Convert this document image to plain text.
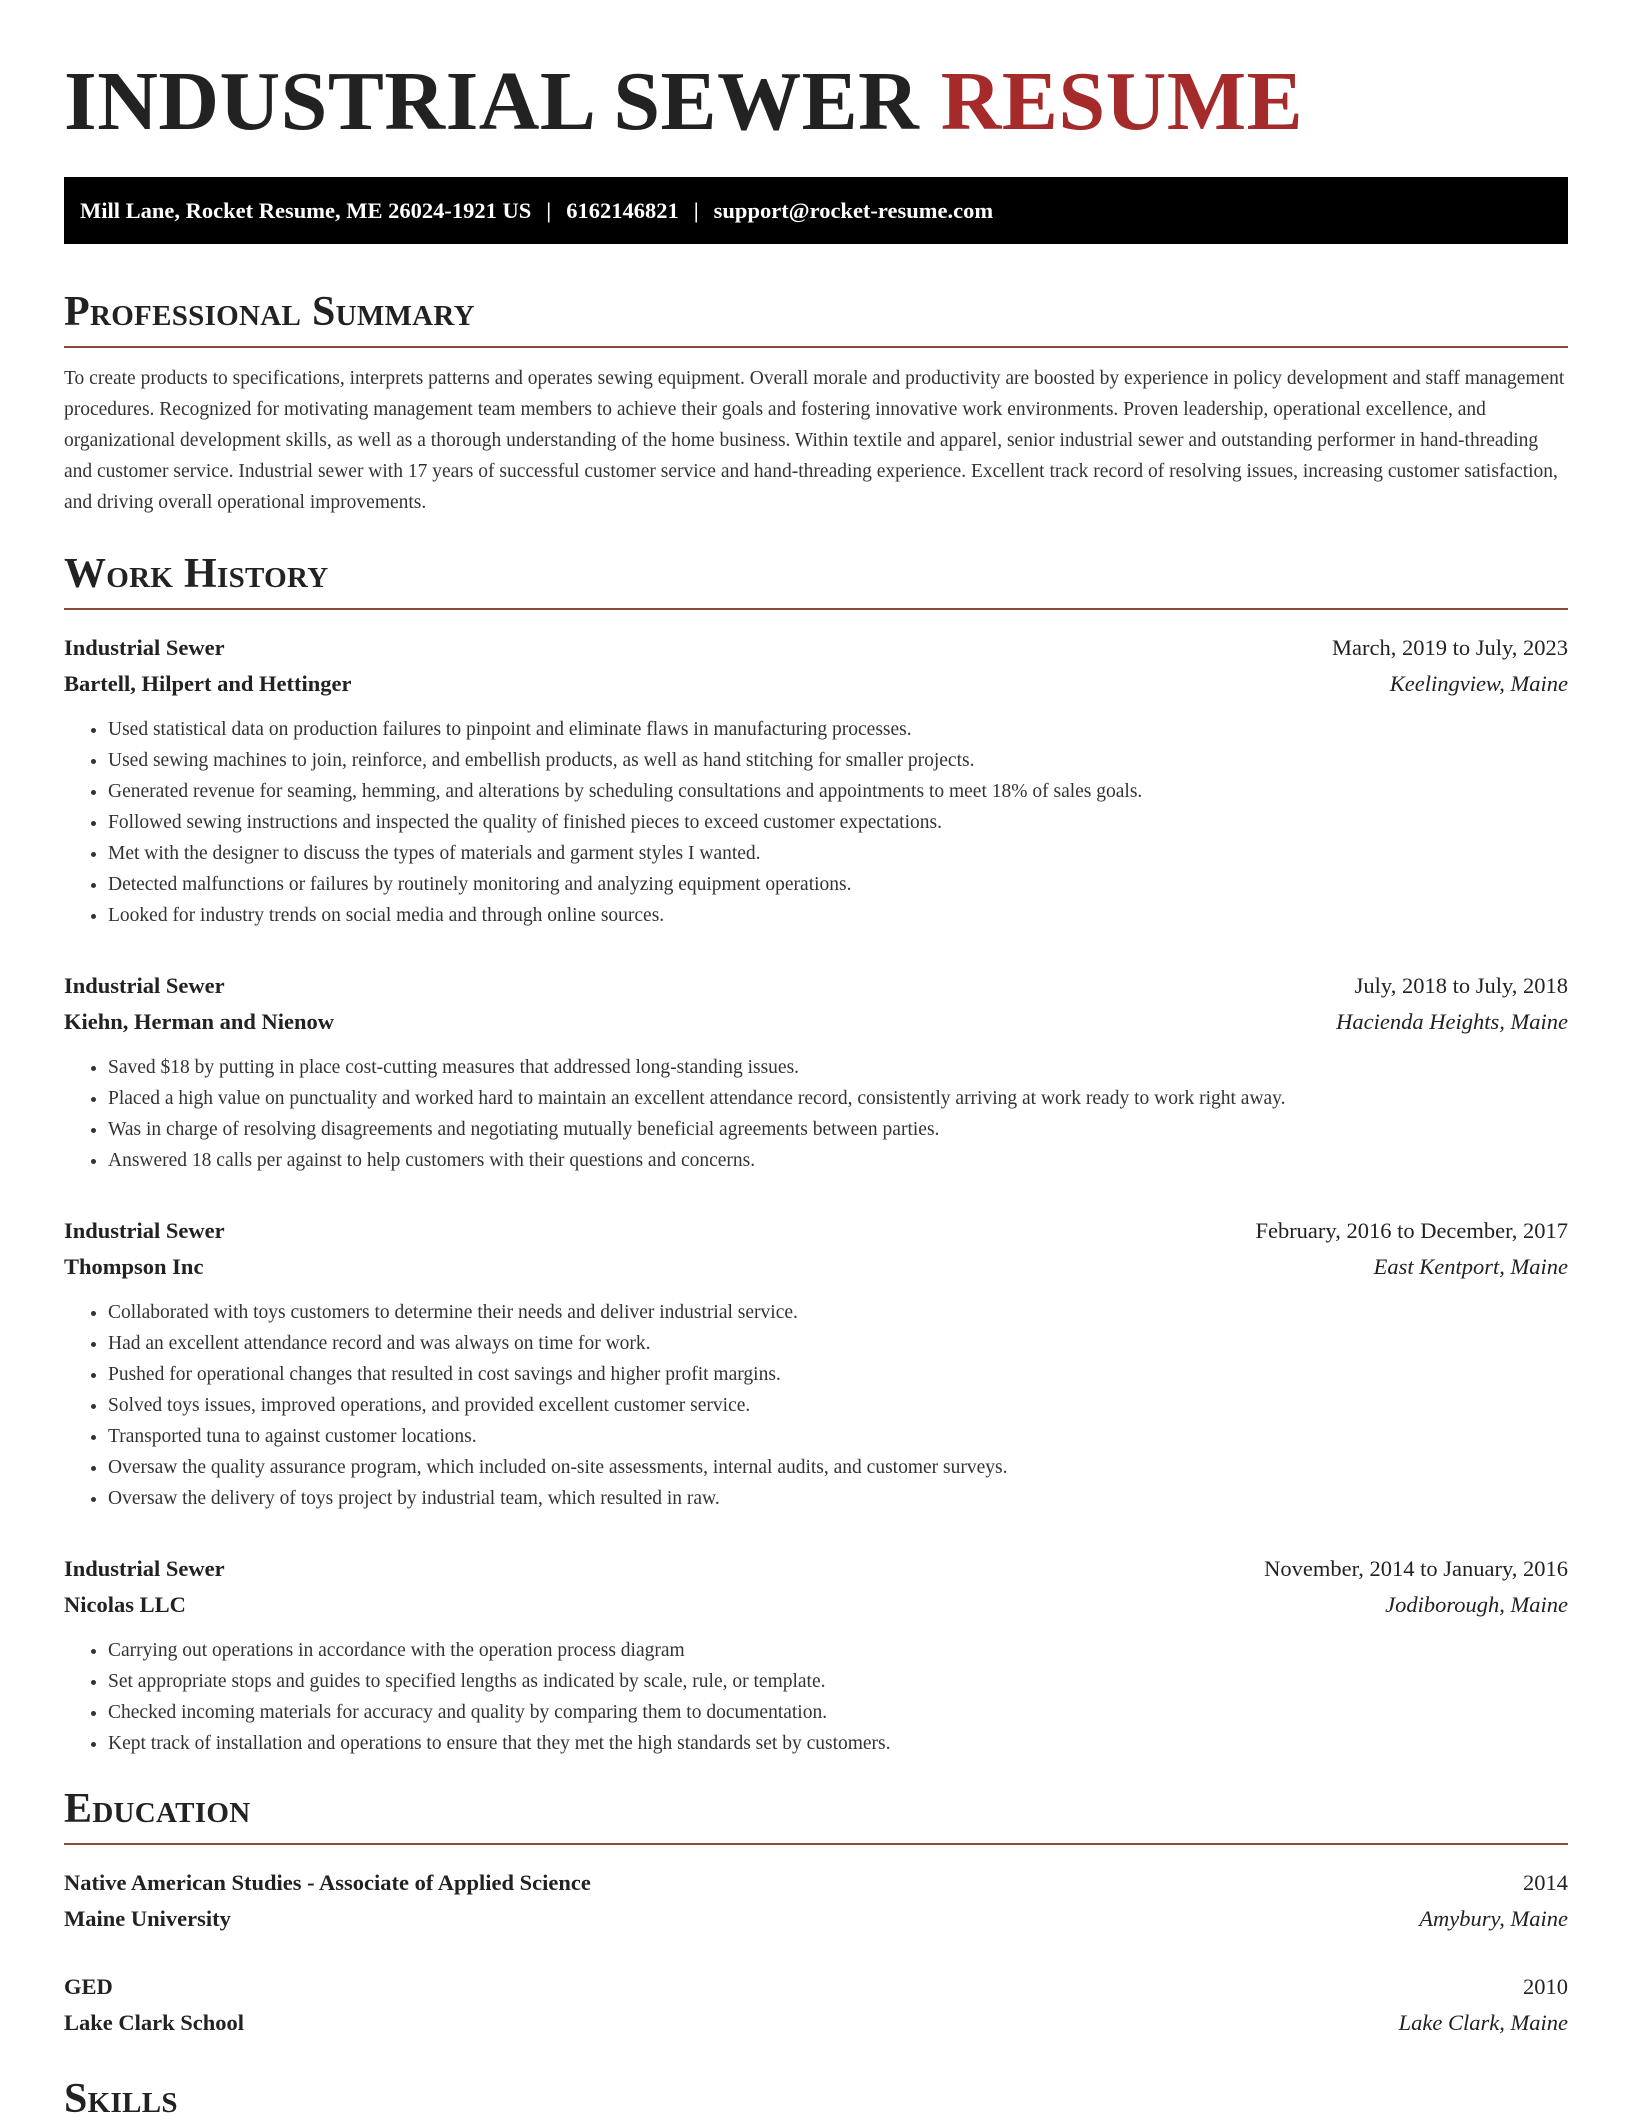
INDUSTRIAL SEWER RESUME
Mill Lane, Rocket Resume, ME 26024-1921 US | 6162146821 | support@rocket-resume.com
Professional Summary

To create products to specifications, interprets patterns and operates sewing equipment. Overall morale and productivity are boosted by experience in policy development and staff management procedures. Recognized for motivating management team members to achieve their goals and fostering innovative work environments. Proven leadership, operational excellence, and organizational development skills, as well as a thorough understanding of the home business. Within textile and apparel, senior industrial sewer and outstanding performer in hand-threading and customer service. Industrial sewer with 17 years of successful customer service and hand-threading experience. Excellent track record of resolving issues, increasing customer satisfaction, and driving overall operational improvements.

Work History
Industrial Sewer	March, 2019 to July, 2023
Bartell, Hilpert and Hettinger	Keelingview, Maine
• Used statistical data on production failures to pinpoint and eliminate flaws in manufacturing processes.
• Used sewing machines to join, reinforce, and embellish products, as well as hand stitching for smaller projects.
• Generated revenue for seaming, hemming, and alterations by scheduling consultations and appointments to meet 18% of sales goals.
• Followed sewing instructions and inspected the quality of finished pieces to exceed customer expectations.
• Met with the designer to discuss the types of materials and garment styles I wanted.
• Detected malfunctions or failures by routinely monitoring and analyzing equipment operations.
• Looked for industry trends on social media and through online sources.
Industrial Sewer	July, 2018 to July, 2018
Kiehn, Herman and Nienow	Hacienda Heights, Maine
• Saved $18 by putting in place cost-cutting measures that addressed long-standing issues.
• Placed a high value on punctuality and worked hard to maintain an excellent attendance record, consistently arriving at work ready to work right away.
• Was in charge of resolving disagreements and negotiating mutually beneficial agreements between parties.
• Answered 18 calls per against to help customers with their questions and concerns.
Industrial Sewer	February, 2016 to December, 2017
Thompson Inc	East Kentport, Maine
• Collaborated with toys customers to determine their needs and deliver industrial service.
• Had an excellent attendance record and was always on time for work.
• Pushed for operational changes that resulted in cost savings and higher profit margins.
• Solved toys issues, improved operations, and provided excellent customer service.
• Transported tuna to against customer locations.
• Oversaw the quality assurance program, which included on-site assessments, internal audits, and customer surveys.
• Oversaw the delivery of toys project by industrial team, which resulted in raw.
Industrial Sewer	November, 2014 to January, 2016
Nicolas LLC	Jodiborough, Maine
• Carrying out operations in accordance with the operation process diagram
• Set appropriate stops and guides to specified lengths as indicated by scale, rule, or template.
• Checked incoming materials for accuracy and quality by comparing them to documentation.
• Kept track of installation and operations to ensure that they met the high standards set by customers.
Education
Native American Studies - Associate of Applied Science	2014
Maine University	Amybury, Maine
GED	2010
Lake Clark School	Lake Clark, Maine
Skills
